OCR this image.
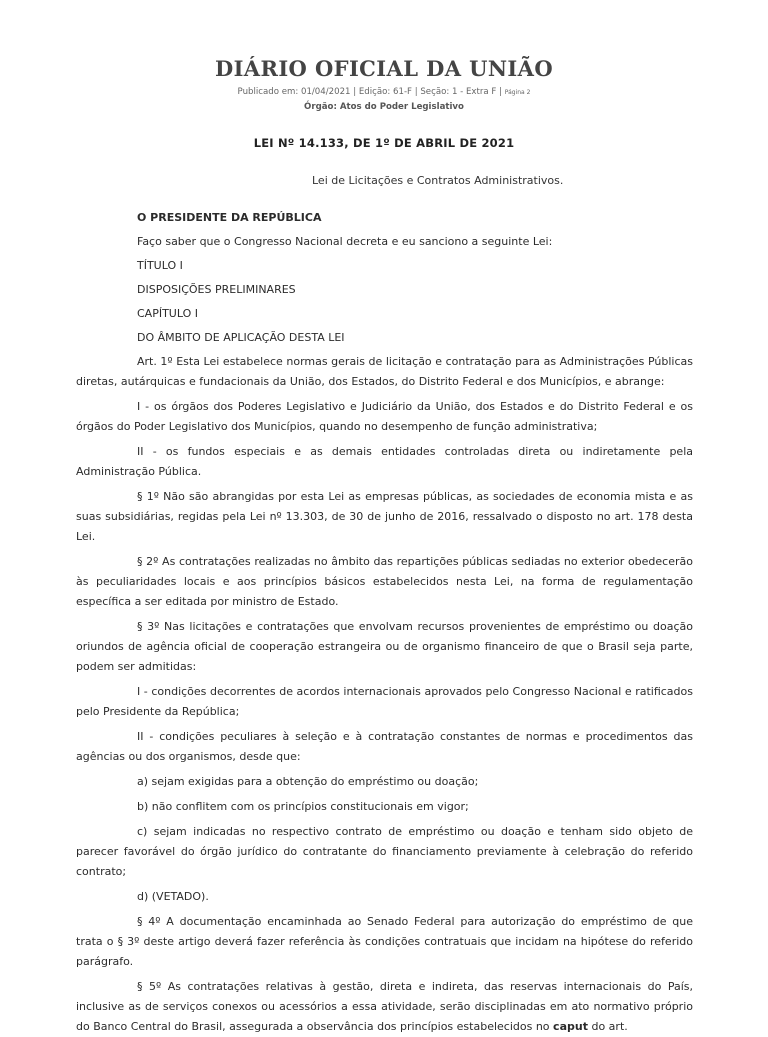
DIÁRIO OFICIAL DA UNIÃO
Publicado em: 01/04/2021 | Edição: 61-F | Seção: 1 - Extra F | Página 2
Órgão: Atos do Poder Legislativo
LEI Nº 14.133, DE 1º DE ABRIL DE 2021
Lei de Licitações e Contratos Administrativos.

O PRESIDENTE DA REPÚBLICA

Faço saber que o Congresso Nacional decreta e eu sanciono a seguinte Lei:

TÍTULO I

DISPOSIÇÕES PRELIMINARES

CAPÍTULO I

DO ÂMBITO DE APLICAÇÃO DESTA LEI

Art. 1º Esta Lei estabelece normas gerais de licitação e contratação para as Administrações Públicas diretas, autárquicas e fundacionais da União, dos Estados, do Distrito Federal e dos Municípios, e abrange:

I - os órgãos dos Poderes Legislativo e Judiciário da União, dos Estados e do Distrito Federal e os órgãos do Poder Legislativo dos Municípios, quando no desempenho de função administrativa;

II - os fundos especiais e as demais entidades controladas direta ou indiretamente pela Administração Pública.

§ 1º Não são abrangidas por esta Lei as empresas públicas, as sociedades de economia mista e as suas subsidiárias, regidas pela Lei nº 13.303, de 30 de junho de 2016, ressalvado o disposto no art. 178 desta Lei.

§ 2º As contratações realizadas no âmbito das repartições públicas sediadas no exterior obedecerão às peculiaridades locais e aos princípios básicos estabelecidos nesta Lei, na forma de regulamentação específica a ser editada por ministro de Estado.

§ 3º Nas licitações e contratações que envolvam recursos provenientes de empréstimo ou doação oriundos de agência oficial de cooperação estrangeira ou de organismo financeiro de que o Brasil seja parte, podem ser admitidas:

I - condições decorrentes de acordos internacionais aprovados pelo Congresso Nacional e ratificados pelo Presidente da República;

II - condições peculiares à seleção e à contratação constantes de normas e procedimentos das agências ou dos organismos, desde que:

a) sejam exigidas para a obtenção do empréstimo ou doação;

b) não conflitem com os princípios constitucionais em vigor;

c) sejam indicadas no respectivo contrato de empréstimo ou doação e tenham sido objeto de parecer favorável do órgão jurídico do contratante do financiamento previamente à celebração do referido contrato;

d) (VETADO).

§ 4º A documentação encaminhada ao Senado Federal para autorização do empréstimo de que trata o § 3º deste artigo deverá fazer referência às condições contratuais que incidam na hipótese do referido parágrafo.

§ 5º As contratações relativas à gestão, direta e indireta, das reservas internacionais do País, inclusive as de serviços conexos ou acessórios a essa atividade, serão disciplinadas em ato normativo próprio do Banco Central do Brasil, assegurada a observância dos princípios estabelecidos no caput do art.
